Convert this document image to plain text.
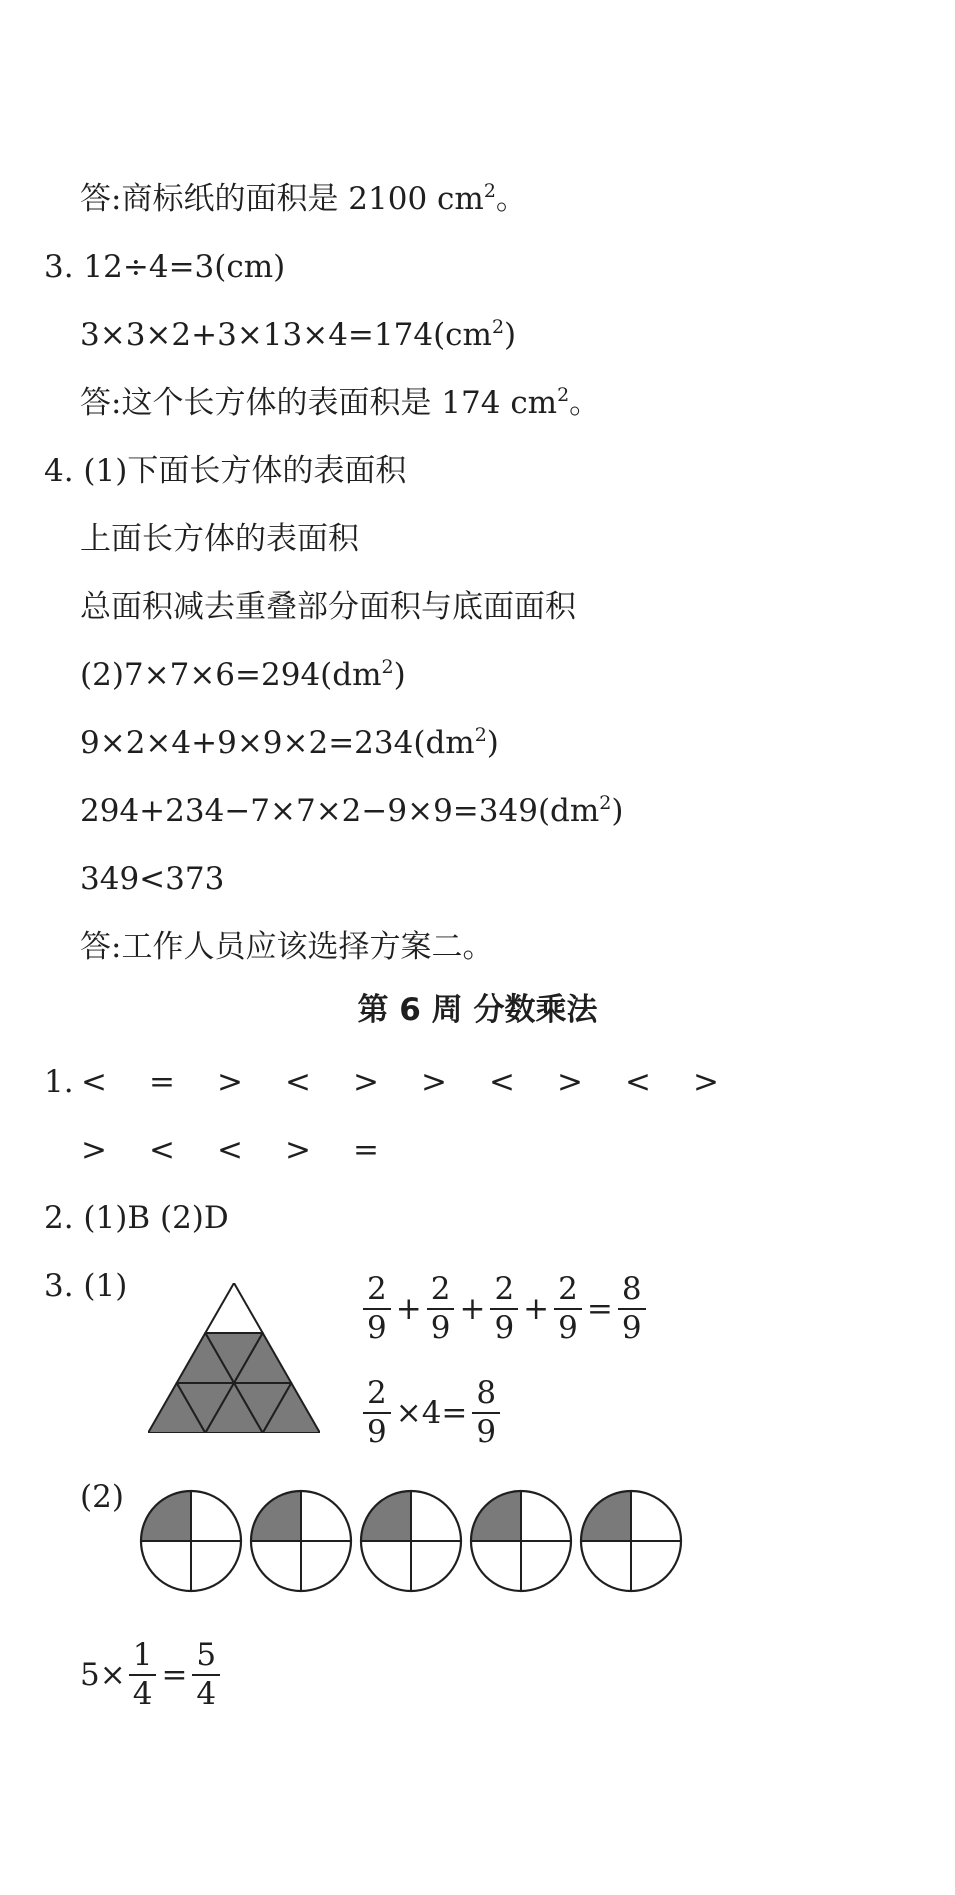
答:商标纸的面积是 2100 $cm^2$。
3. 12÷4=3(cm)
$3\times 3\times 2+3\times 13\times 4=174(cm^2)$
答:这个长方体的表面积是 174 $cm^2$。
4. (1)下面长方体的表面积
上面长方体的表面积
总面积减去重叠部分面积与底面面积
$(2)7\times 7\times 6=294(dm^2)$
$9\times 2\times 4+9\times 9\times 2=234(dm^2)$
$294+234-7\times 7\times 2-9\times 9=349(dm^2)$
349<373
答:工作人员应该选择方案二。
第 6 周 分数乘法
1. <	=	>	<	>	>	<	>	<	>
>	<	<	>	=
2. (1)B (2)D
3. (1)	$\frac{2}{9} + \frac{2}{9} + \frac{2}{9} + \frac{2}{9} = \frac{8}{9}$
$\frac{2}{9} \times 4= \frac{8}{9}$
(2)
$5\times \frac{1}{4} = \frac{5}{4}$
